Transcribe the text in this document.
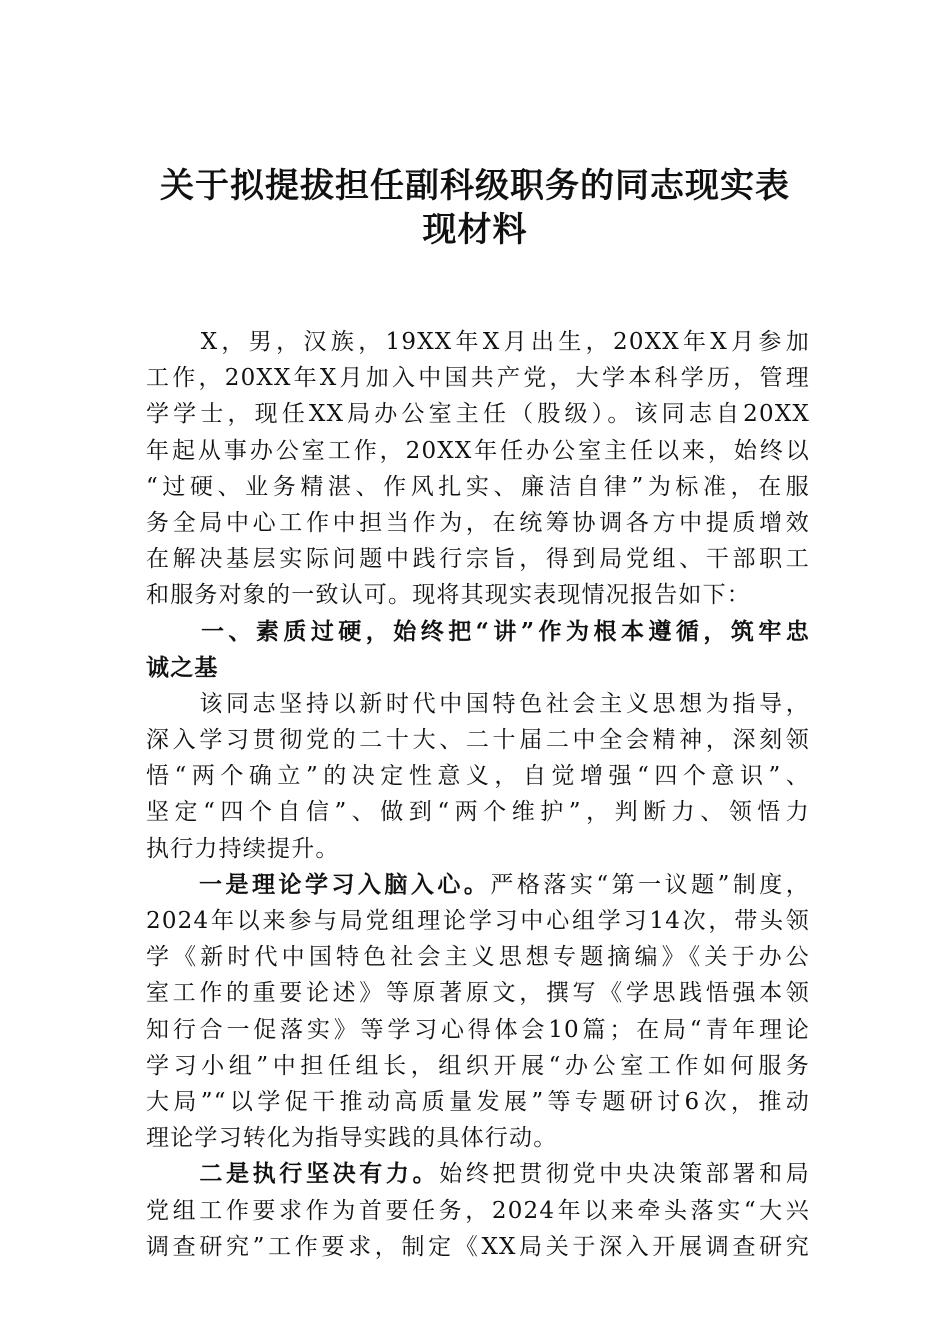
关于拟提拔担任副科级职务的同志现实表
现材料
　　X，男，汉族，19XX年X月出生，20XX年X月参加
工作，20XX年X月加入中国共产党，大学本科学历，管理
学学士，现任XX局办公室主任（股级）。该同志自20XX
年起从事办公室工作，20XX年任办公室主任以来，始终以
“过硬、业务精湛、作风扎实、廉洁自律”为标准，在服
务全局中心工作中担当作为，在统筹协调各方中提质增效
在解决基层实际问题中践行宗旨，得到局党组、干部职工
和服务对象的一致认可。现将其现实表现情况报告如下：
　　一、素质过硬，始终把“讲”作为根本遵循，筑牢忠
诚之基
　　该同志坚持以新时代中国特色社会主义思想为指导，
深入学习贯彻党的二十大、二十届二中全会精神，深刻领
悟“两个确立”的决定性意义，自觉增强“四个意识”、
坚定“四个自信”、做到“两个维护”，判断力、领悟力
执行力持续提升。
　　一是理论学习入脑入心。严格落实“第一议题”制度，
2024年以来参与局党组理论学习中心组学习14次，带头领
学《新时代中国特色社会主义思想专题摘编》《关于办公
室工作的重要论述》等原著原文，撰写《学思践悟强本领
知行合一促落实》等学习心得体会10篇；在局“青年理论
学习小组”中担任组长，组织开展“办公室工作如何服务
大局”“以学促干推动高质量发展”等专题研讨6次，推动
理论学习转化为指导实践的具体行动。
　　二是执行坚决有力。始终把贯彻党中央决策部署和局
党组工作要求作为首要任务，2024年以来牵头落实“大兴
调查研究”工作要求，制定《XX局关于深入开展调查研究
